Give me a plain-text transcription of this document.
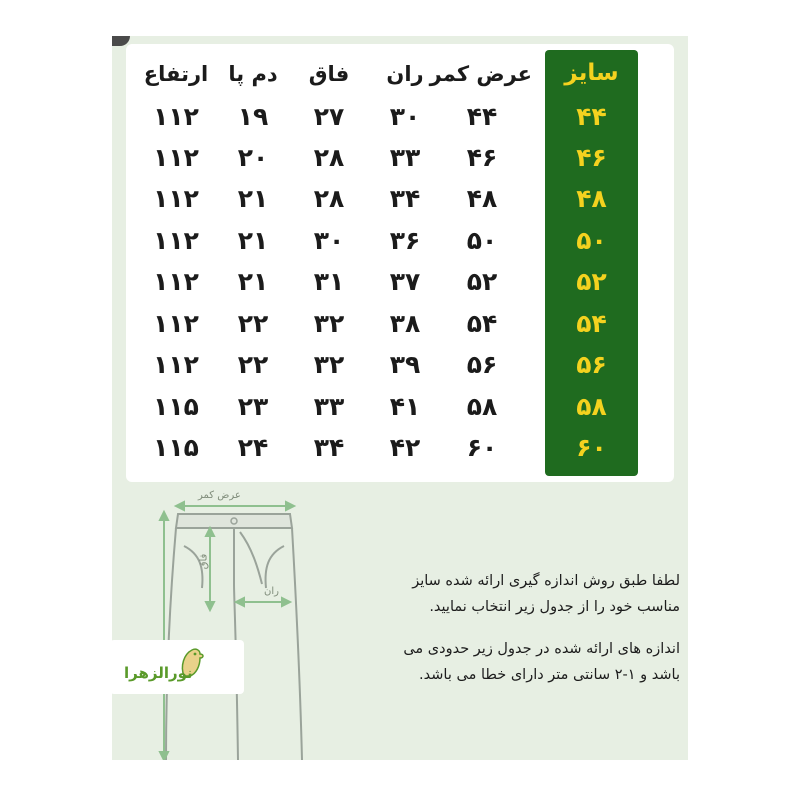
سایز
عرض کمر
ران
فاق
دم پا
ارتفاع
۴۴
۴۴
۳۰
۲۷
۱۹
۱۱۲
۴۶
۴۶
۳۳
۲۸
۲۰
۱۱۲
۴۸
۴۸
۳۴
۲۸
۲۱
۱۱۲
۵۰
۵۰
۳۶
۳۰
۲۱
۱۱۲
۵۲
۵۲
۳۷
۳۱
۲۱
۱۱۲
۵۴
۵۴
۳۸
۳۲
۲۲
۱۱۲
۵۶
۵۶
۳۹
۳۲
۲۲
۱۱۲
۵۸
۵۸
۴۱
۳۳
۲۳
۱۱۵
۶۰
۶۰
۴۲
۳۴
۲۴
۱۱۵
عرض کمر
فاق
ران
نورالزهرا
لطفا طبق روش اندازه گیری ارائه شده سایز
مناسب خود را از جدول زیر انتخاب نمایید.
اندازه های ارائه شده در جدول زیر حدودی می
باشد و ۱-۲ سانتی متر دارای خطا می باشد.
